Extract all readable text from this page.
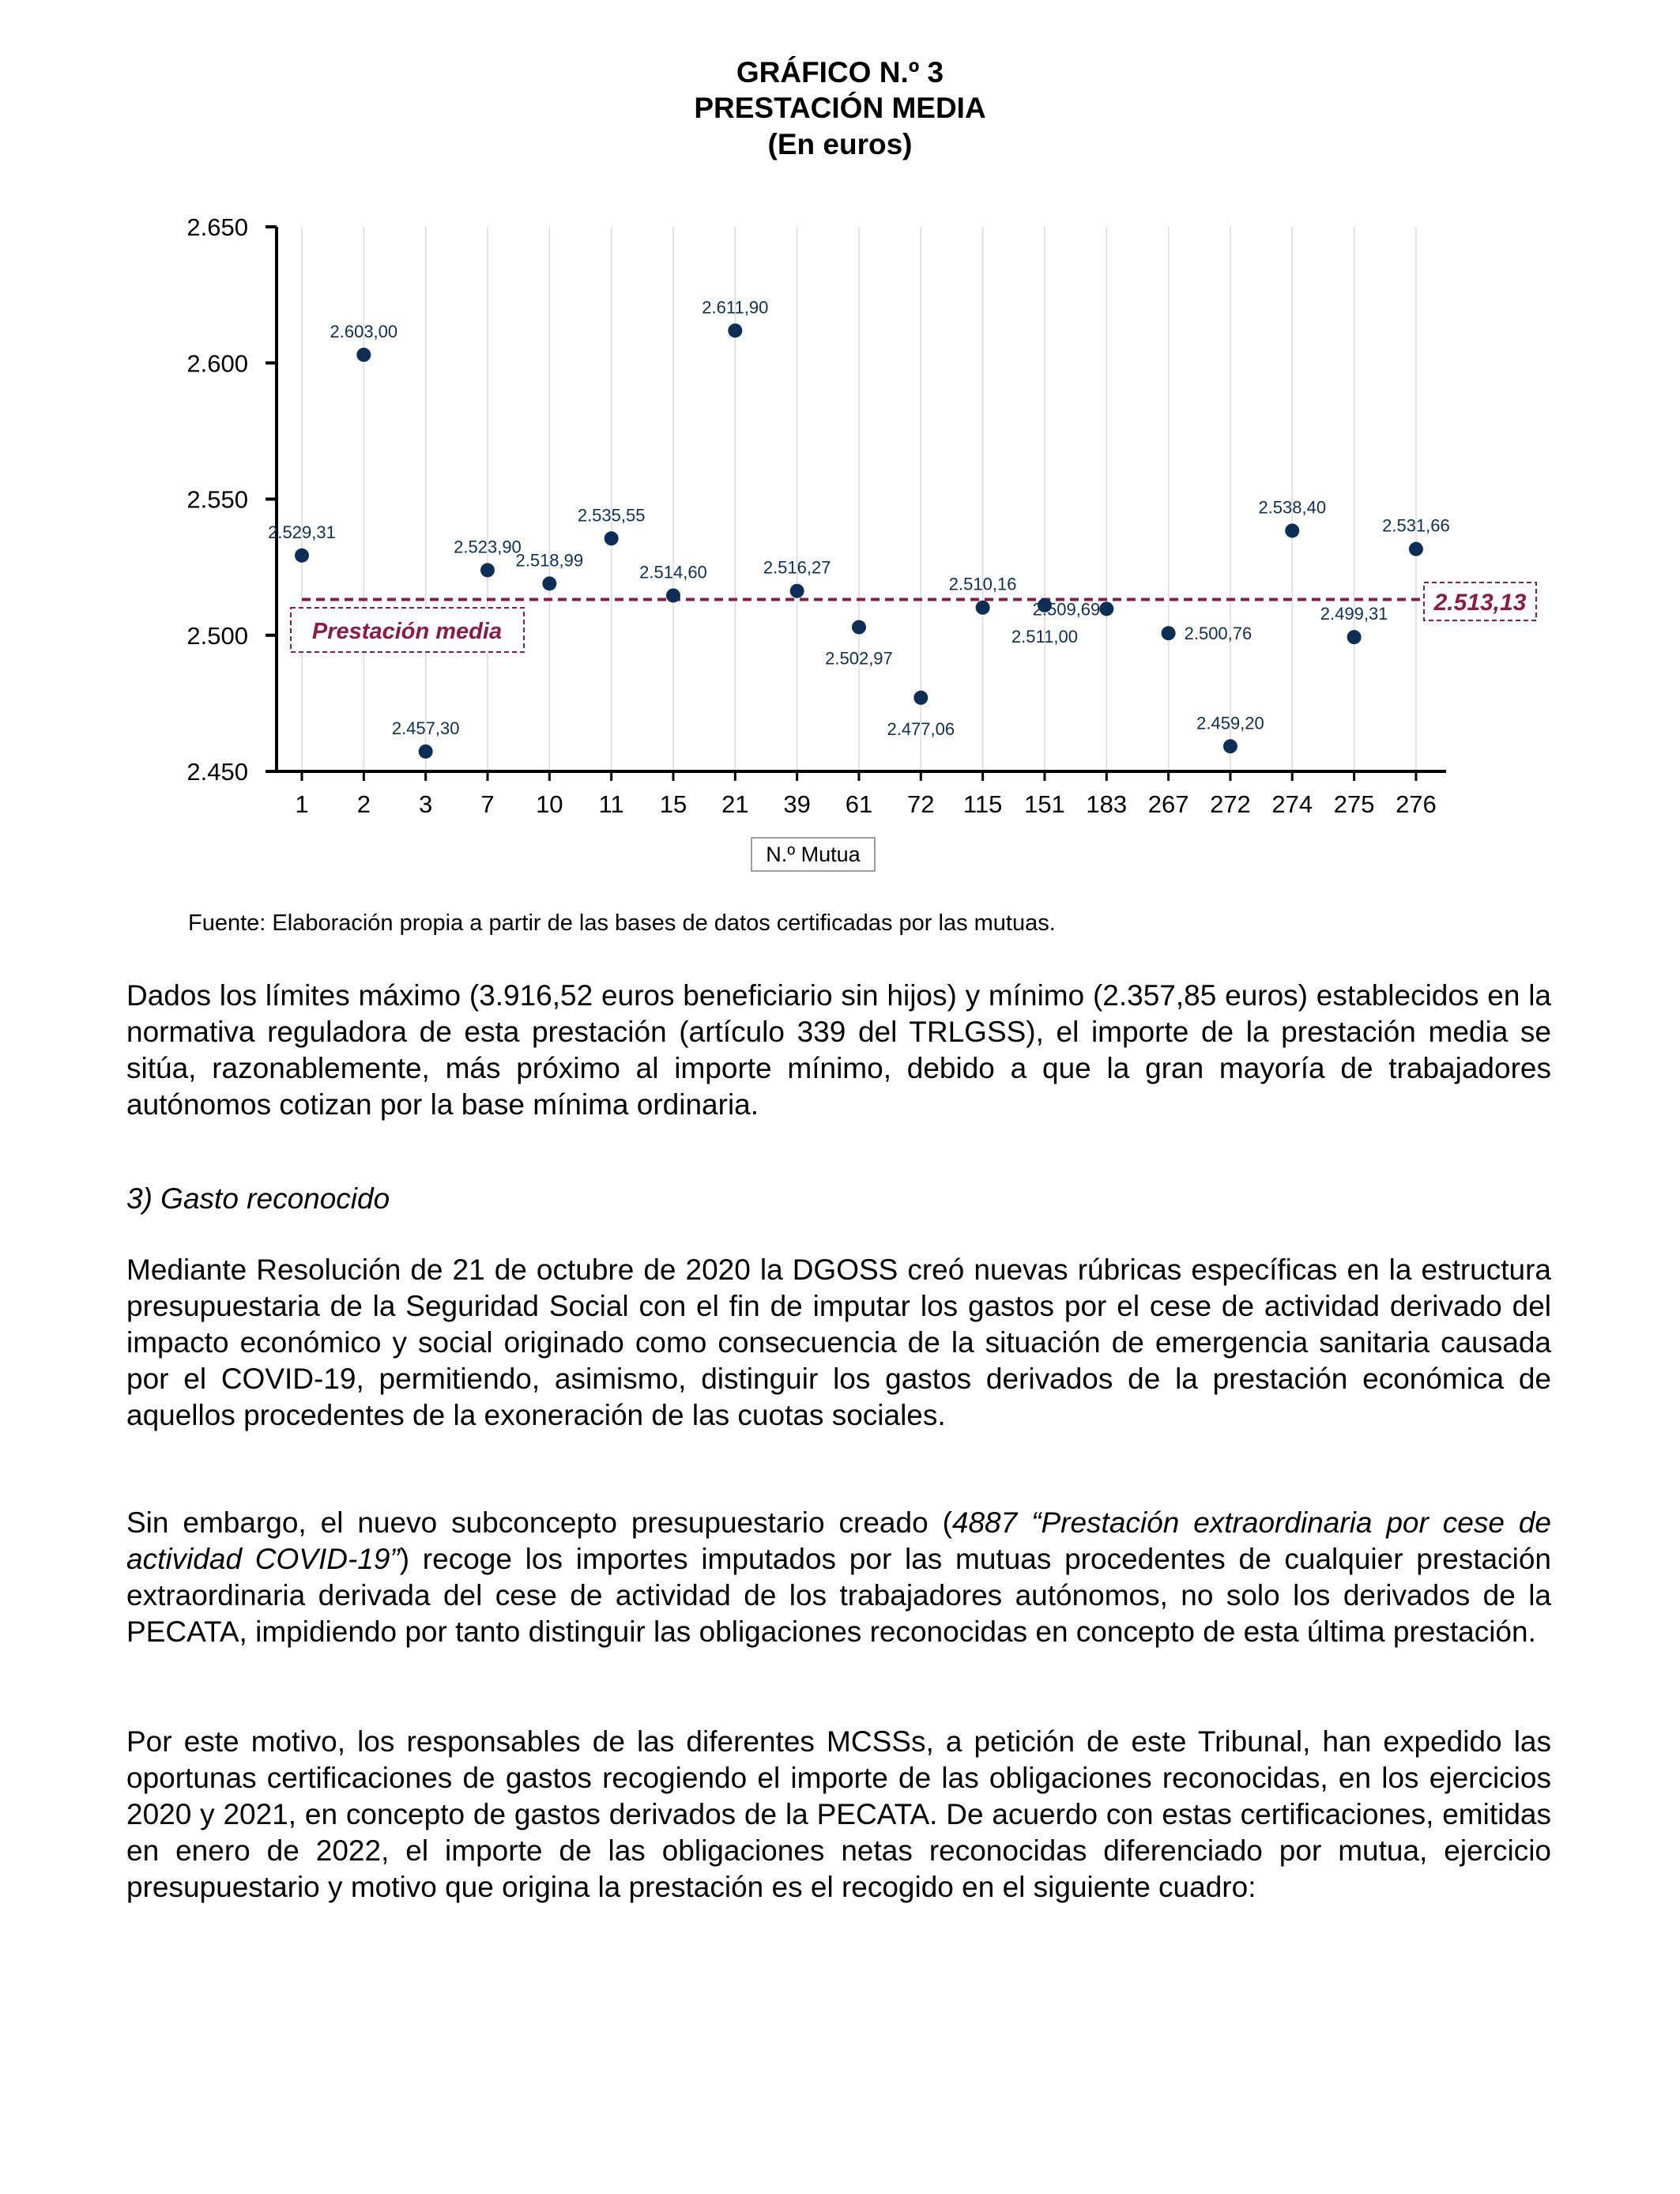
GRÁFICO N.º 3
PRESTACIÓN MEDIA
(En euros)
2.450
2.500
2.550
2.600
2.650
1 2 3 7 10 11 15 21 39 61 72 115 151 183 267 272 274 275 276
N.º Mutua
Prestación media
2.513,13
2.529,31
2.603,00
2.457,30
2.523,90
2.518,99
2.535,55
2.514,60
2.611,90
2.516,27
2.502,97
2.477,06
2.510,16
2.511,00
2.509,69
2.500,76
2.459,20
2.538,40
2.499,31
2.531,66
Fuente: Elaboración propia a partir de las bases de datos certificadas por las mutuas.

Dados los límites máximo (3.916,52 euros beneficiario sin hijos) y mínimo (2.357,85 euros) establecidos en la normativa reguladora de esta prestación (artículo 339 del TRLGSS), el importe de la prestación media se sitúa, razonablemente, más próximo al importe mínimo, debido a que la gran mayoría de trabajadores autónomos cotizan por la base mínima ordinaria.

3) Gasto reconocido

Mediante Resolución de 21 de octubre de 2020 la DGOSS creó nuevas rúbricas específicas en la estructura presupuestaria de la Seguridad Social con el fin de imputar los gastos por el cese de actividad derivado del impacto económico y social originado como consecuencia de la situación de emergencia sanitaria causada por el COVID-19, permitiendo, asimismo, distinguir los gastos derivados de la prestación económica de aquellos procedentes de la exoneración de las cuotas sociales.

Sin embargo, el nuevo subconcepto presupuestario creado (4887 “Prestación extraordinaria por cese de actividad COVID-19”) recoge los importes imputados por las mutuas procedentes de cualquier prestación extraordinaria derivada del cese de actividad de los trabajadores autónomos, no solo los derivados de la PECATA, impidiendo por tanto distinguir las obligaciones reconocidas en concepto de esta última prestación.

Por este motivo, los responsables de las diferentes MCSSs, a petición de este Tribunal, han expedido las oportunas certificaciones de gastos recogiendo el importe de las obligaciones reconocidas, en los ejercicios 2020 y 2021, en concepto de gastos derivados de la PECATA. De acuerdo con estas certificaciones, emitidas en enero de 2022, el importe de las obligaciones netas reconocidas diferenciado por mutua, ejercicio presupuestario y motivo que origina la prestación es el recogido en el siguiente cuadro:
